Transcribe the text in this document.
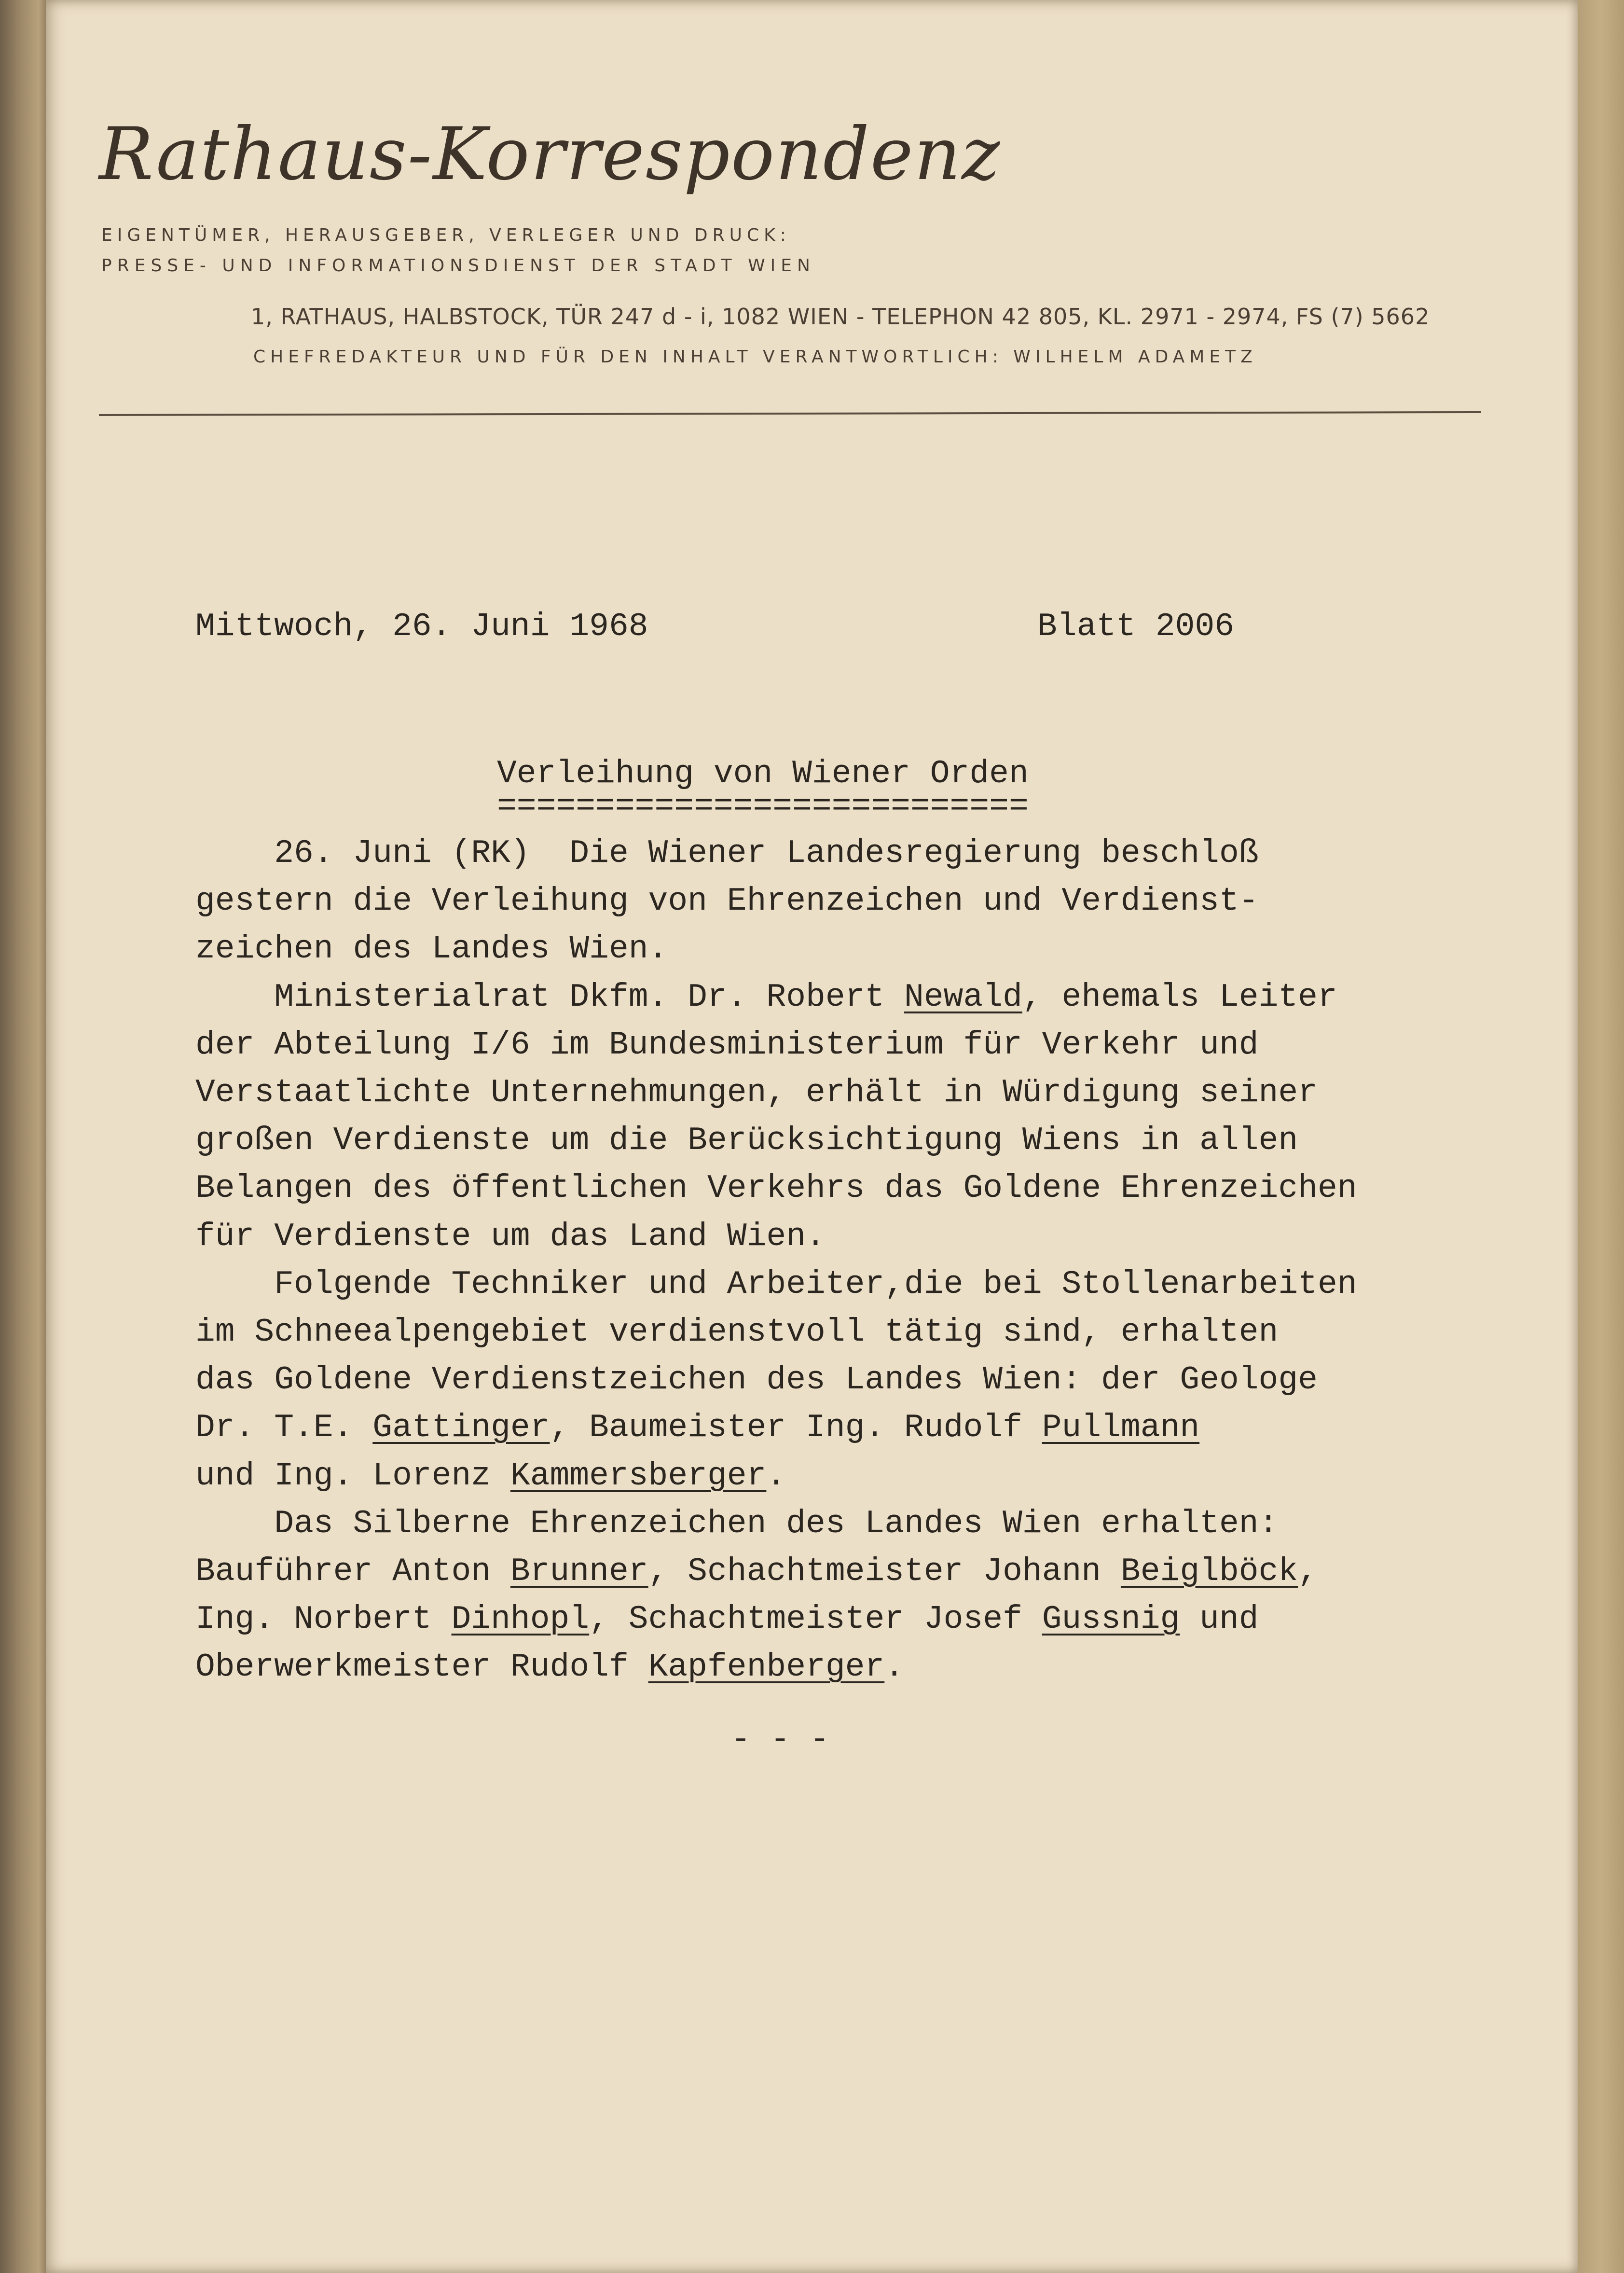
Rathaus-Korrespondenz
EIGENTÜMER, HERAUSGEBER, VERLEGER UND DRUCK:
PRESSE- UND INFORMATIONSDIENST DER STADT WIEN
1, RATHAUS, HALBSTOCK, TÜR 247 d - i, 1082 WIEN - TELEPHON 42 805, KL. 2971 - 2974, FS (7) 5662
CHEFREDAKTEUR UND FÜR DEN INHALT VERANTWORTLICH: WILHELM ADAMETZ
Mittwoch, 26. Juni 1968	Blatt 2006
Verleihung von Wiener Orden
===========================
26. Juni (RK)  Die Wiener Landesregierung beschloß
gestern die Verleihung von Ehrenzeichen und Verdienst-
zeichen des Landes Wien.
Ministerialrat Dkfm. Dr. Robert Newald, ehemals Leiter
der Abteilung I/6 im Bundesministerium für Verkehr und
Verstaatlichte Unternehmungen, erhält in Würdigung seiner
großen Verdienste um die Berücksichtigung Wiens in allen
Belangen des öffentlichen Verkehrs das Goldene Ehrenzeichen
für Verdienste um das Land Wien.
Folgende Techniker und Arbeiter,die bei Stollenarbeiten
im Schneealpengebiet verdienstvoll tätig sind, erhalten
das Goldene Verdienstzeichen des Landes Wien: der Geologe
Dr. T.E. Gattinger, Baumeister Ing. Rudolf Pullmann
und Ing. Lorenz Kammersberger.
Das Silberne Ehrenzeichen des Landes Wien erhalten:
Bauführer Anton Brunner, Schachtmeister Johann Beiglböck,
Ing. Norbert Dinhopl, Schachtmeister Josef Gussnig und
Oberwerkmeister Rudolf Kapfenberger.
- - -
